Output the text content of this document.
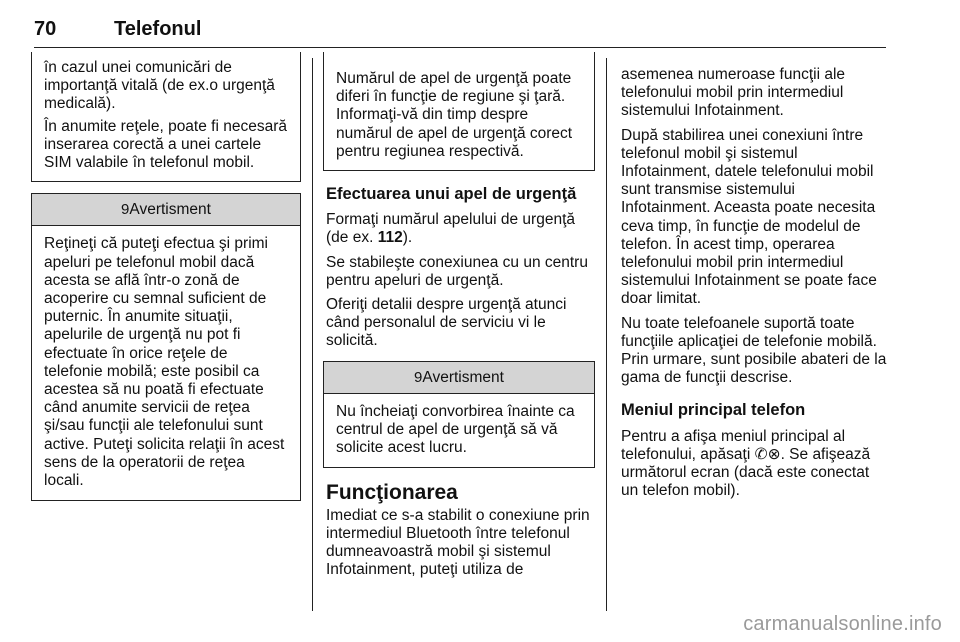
70	Telefonul

în cazul unei comunicări de importanţă vitală (de ex.o urgenţă medicală).

În anumite reţele, poate fi necesară inserarea corectă a unei cartele SIM valabile în telefonul mobil.

9Avertisment
Reţineţi că puteţi efectua şi primi apeluri pe telefonul mobil dacă acesta se află într-o zonă de acoperire cu semnal suficient de puternic. În anumite situaţii, apelurile de urgenţă nu pot fi efectuate în orice reţele de telefonie mobilă; este posibil ca acestea să nu poată fi efectuate când anumite servicii de reţea şi/sau funcţii ale telefonului sunt active. Puteţi solicita relaţii în acest sens de la operatorii de reţea locali.

Numărul de apel de urgenţă poate diferi în funcţie de regiune şi ţară. Informaţi-vă din timp despre numărul de apel de urgenţă corect pentru regiunea respectivă.

Efectuarea unui apel de urgenţă

Formaţi numărul apelului de urgenţă (de ex. 112).

Se stabileşte conexiunea cu un centru pentru apeluri de urgenţă.

Oferiţi detalii despre urgenţă atunci când personalul de serviciu vi le solicită.

9Avertisment
Nu încheiaţi convorbirea înainte ca centrul de apel de urgenţă să vă solicite acest lucru.
Funcţionarea

Imediat ce s-a stabilit o conexiune prin intermediul Bluetooth între telefonul dumneavoastră mobil şi sistemul Infotainment, puteţi utiliza de

asemenea numeroase funcţii ale telefonului mobil prin intermediul sistemului Infotainment.

După stabilirea unei conexiuni între telefonul mobil şi sistemul Infotainment, datele telefonului mobil sunt transmise sistemului Infotainment. Aceasta poate necesita ceva timp, în funcţie de modelul de telefon. În acest timp, operarea telefonului mobil prin intermediul sistemului Infotainment se poate face doar limitat.

Nu toate telefoanele suportă toate funcţiile aplicaţiei de telefonie mobilă. Prin urmare, sunt posibile abateri de la gama de funcţii descrise.

Meniul principal telefon

Pentru a afişa meniul principal al telefonului, apăsaţi ✆⊗. Se afişează următorul ecran (dacă este conectat un telefon mobil).

carmanualsonline.info
